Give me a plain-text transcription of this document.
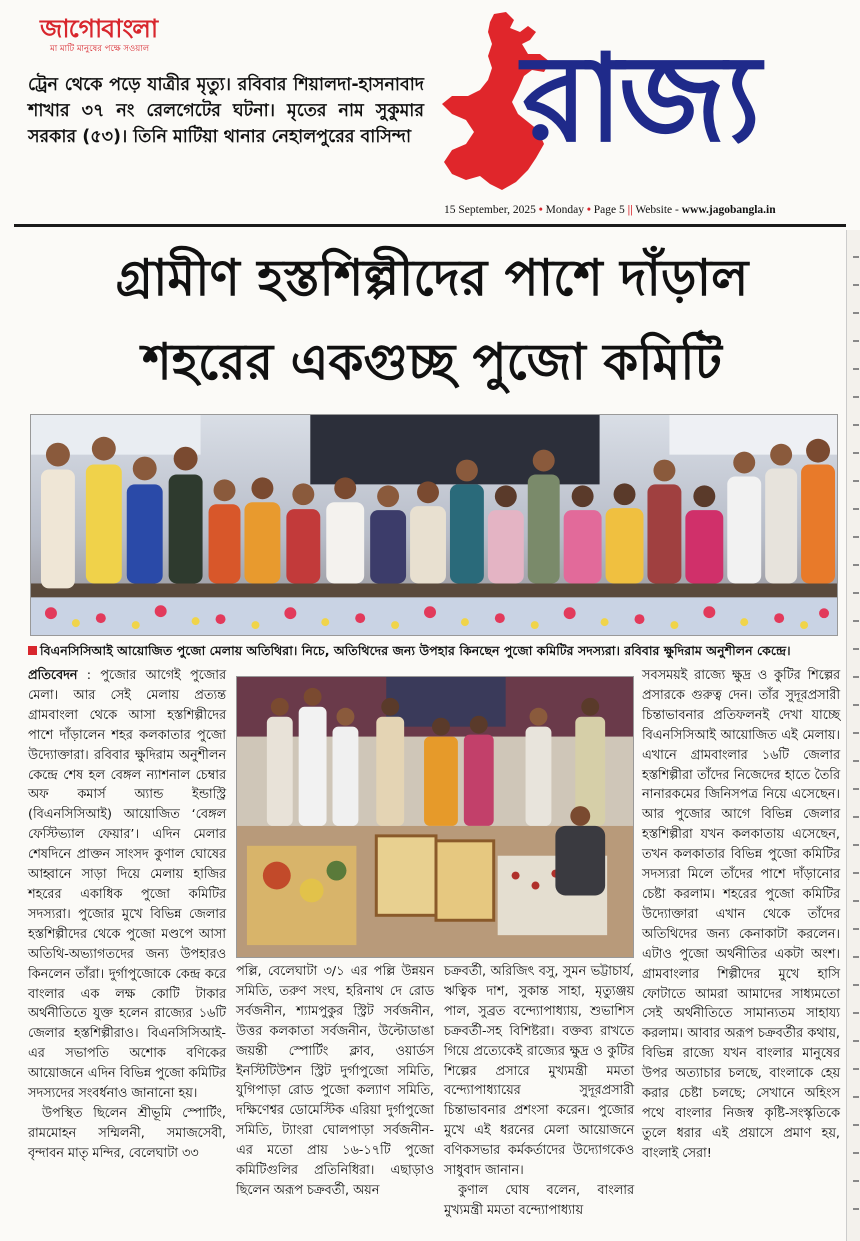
জাগোবাংলা
মা মাটি মানুষের পক্ষে সওয়াল
ট্রেন থেকে পড়ে যাত্রীর মৃত্যু। রবিবার শিয়ালদা-হাসনাবাদ শাখার ৩৭ নং রেলগেটের ঘটনা। মৃতের নাম সুকুমার সরকার (৫৩)। তিনি মাটিয়া থানার নেহালপুরের বাসিন্দা রাজ্য
15 September, 2025 • Monday • Page 5 || Website - www.jagobangla.in
গ্রামীণ হস্তশিল্পীদের পাশে দাঁড়াল
শহরের একগুচ্ছ পুজো কমিটি
বিএনসিসিআই আয়োজিত পুজো মেলায় অতিথিরা। নিচে, অতিথিদের জন্য উপহার কিনছেন পুজো কমিটির সদস্যরা। রবিবার ক্ষুদিরাম অনুশীলন কেন্দ্রে।

প্রতিবেদন : পুজোর আগেই পুজোর মেলা। আর সেই মেলায় প্রত্যন্ত গ্রামবাংলা থেকে আসা হস্তশিল্পীদের পাশে দাঁড়ালেন শহর কলকাতার পুজো উদ্যোক্তারা। রবিবার ক্ষুদিরাম অনুশীলন কেন্দ্রে শেষ হল বেঙ্গল ন্যাশনাল চেম্বার অফ কমার্স অ্যান্ড ইন্ডাস্ট্রি (বিএনসিসিআই) আয়োজিত ‘বেঙ্গল ফেস্টিভ্যাল ফেয়ার’। এদিন মেলার শেষদিনে প্রাক্তন সাংসদ কুণাল ঘোষের আহ্বানে সাড়া দিয়ে মেলায় হাজির শহরের একাধিক পুজো কমিটির সদস্যরা। পুজোর মুখে বিভিন্ন জেলার হস্তশিল্পীদের থেকে পুজো মণ্ডপে আসা অতিথি-অভ্যাগতদের জন্য উপহারও কিনলেন তাঁরা। দুর্গাপুজোকে কেন্দ্র করে বাংলার এক লক্ষ কোটি টাকার অর্থনীতিতে যুক্ত হলেন রাজ্যের ১৬টি জেলার হস্তশিল্পীরাও। বিএনসিসিআই-এর সভাপতি অশোক বণিকের আয়োজনে এদিন বিভিন্ন পুজো কমিটির সদস্যদের সংবর্ধনাও জানানো হয়।

উপস্থিত ছিলেন শ্রীভূমি স্পোর্টিং, রামমোহন সম্মিলনী, সমাজসেবী, বৃন্দাবন মাতৃ মন্দির, বেলেঘাটা ৩৩

পল্লি, বেলেঘাটা ৩/১ এর পল্লি উন্নয়ন সমিতি, তরুণ সংঘ, হরিনাথ দে রোড সর্বজনীন, শ্যামপুকুর স্ট্রিট সর্বজনীন, উত্তর কলকাতা সর্বজনীন, উল্টোডাঙা জয়ন্তী স্পোর্টিং ক্লাব, ওয়ার্ডস ইনস্টিটিউশন স্ট্রিট দুর্গাপুজো সমিতি, যুগিপাড়া রোড পুজো কল্যাণ সমিতি, দক্ষিণেশ্বর ডোমেস্টিক এরিয়া দুর্গাপুজো সমিতি, ট্যাংরা ঘোলপাড়া সর্বজনীন-এর মতো প্রায় ১৬-১৭টি পুজো কমিটিগুলির প্রতিনিধিরা। এছাড়াও ছিলেন অরূপ চক্রবর্তী, অয়ন

চক্রবর্তী, অরিজিৎ বসু, সুমন ভট্টাচার্য, ঋত্বিক দাশ, সুকান্ত সাহা, মৃত্যুঞ্জয় পাল, সুব্রত বন্দ্যোপাধ্যায়, শুভাশিস চক্রবর্তী-সহ বিশিষ্টরা। বক্তব্য রাখতে গিয়ে প্রত্যেকেই রাজ্যের ক্ষুদ্র ও কুটির শিল্পের প্রসারে মুখ্যমন্ত্রী মমতা বন্দ্যোপাধ্যায়ের সুদূরপ্রসারী চিন্তাভাবনার প্রশংসা করেন। পুজোর মুখে এই ধরনের মেলা আয়োজনে বণিকসভার কর্মকর্তাদের উদ্যোগকেও সাধুবাদ জানান।

কুণাল ঘোষ বলেন, বাংলার মুখ্যমন্ত্রী মমতা বন্দ্যোপাধ্যায়

সবসময়ই রাজ্যে ক্ষুদ্র ও কুটির শিল্পের প্রসারকে গুরুত্ব দেন। তাঁর সুদূরপ্রসারী চিন্তাভাবনার প্রতিফলনই দেখা যাচ্ছে বিএনসিসিআই আয়োজিত এই মেলায়। এখানে গ্রামবাংলার ১৬টি জেলার হস্তশিল্পীরা তাঁদের নিজেদের হাতে তৈরি নানারকমের জিনিসপত্র নিয়ে এসেছেন। আর পুজোর আগে বিভিন্ন জেলার হস্তশিল্পীরা যখন কলকাতায় এসেছেন, তখন কলকাতার বিভিন্ন পুজো কমিটির সদস্যরা মিলে তাঁদের পাশে দাঁড়ানোর চেষ্টা করলাম। শহরের পুজো কমিটির উদ্যোক্তারা এখান থেকে তাঁদের অতিথিদের জন্য কেনাকাটা করলেন। এটাও পুজো অর্থনীতির একটা অংশ। গ্রামবাংলার শিল্পীদের মুখে হাসি ফোটাতে আমরা আমাদের সাধ্যমতো সেই অর্থনীতিতে সামান্যতম সাহায্য করলাম। আবার অরূপ চক্রবর্তীর কথায়, বিভিন্ন রাজ্যে যখন বাংলার মানুষের উপর অত্যাচার চলছে, বাংলাকে হেয় করার চেষ্টা চলছে; সেখানে অহিংস পথে বাংলার নিজস্ব কৃষ্টি-সংস্কৃতিকে তুলে ধরার এই প্রয়াসে প্রমাণ হয়, বাংলাই সেরা!
